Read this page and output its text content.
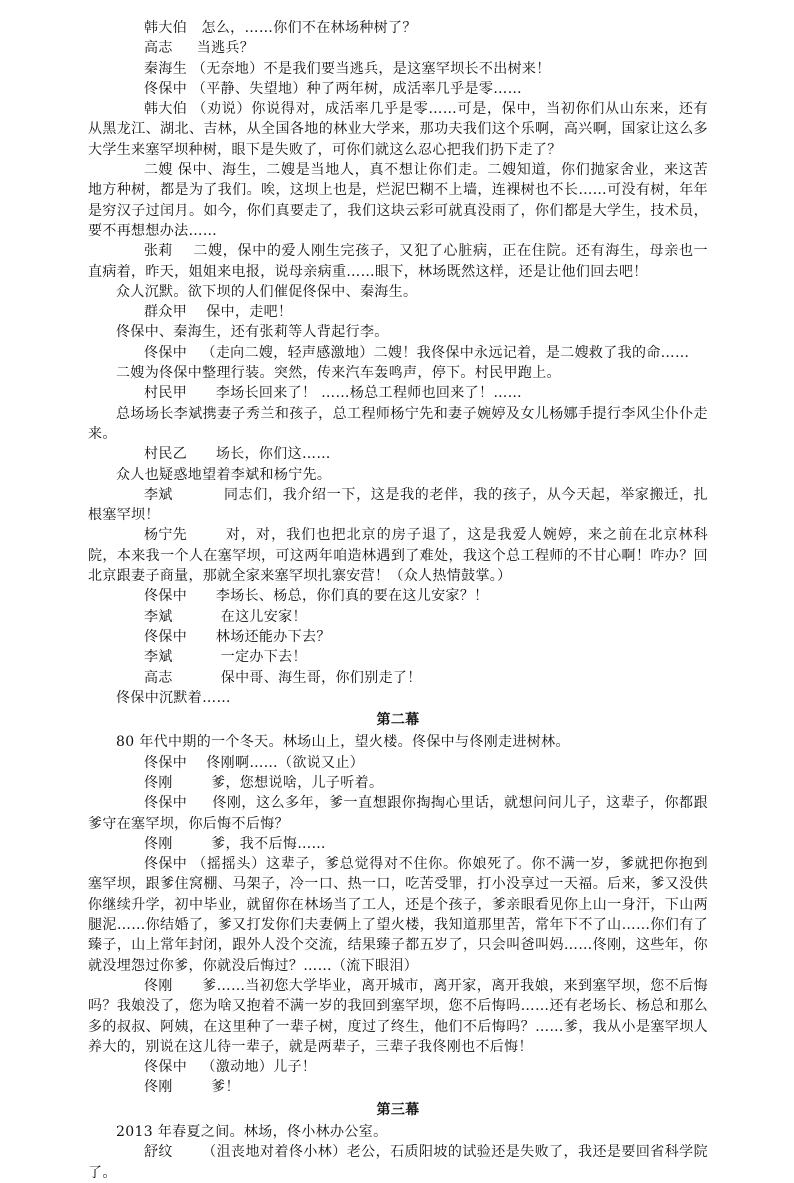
韩大伯 怎么，……你们不在林场种树了？
高志 当逃兵？
秦海生 （无奈地）不是我们要当逃兵，是这塞罕坝长不出树来！
佟保中 （平静、失望地）种了两年树，成活率几乎是零……
韩大伯 （劝说）你说得对，成活率几乎是零……可是，保中，当初你们从山东来，还有从黑龙江、湖北、吉林，从全国各地的林业大学来，那功夫我们这个乐啊，高兴啊，国家让这么多大学生来塞罕坝种树，眼下是失败了，可你们就这么忍心把我们扔下走了？
二嫂 保中、海生，二嫂是当地人，真不想让你们走。二嫂知道，你们抛家舍业，来这苦地方种树，都是为了我们。唉，这坝上也是，烂泥巴糊不上墙，连裸树也不长……可没有树，年年是穷汉子过闰月。如今，你们真要走了，我们这块云彩可就真没雨了，你们都是大学生，技术员，要不再想想办法……
张莉 二嫂，保中的爱人刚生完孩子，又犯了心脏病，正在住院。还有海生，母亲也一直病着，昨天，姐姐来电报，说母亲病重……眼下，林场既然这样，还是让他们回去吧！
众人沉默。欲下坝的人们催促佟保中、秦海生。
群众甲 保中，走吧！
佟保中、秦海生，还有张莉等人背起行李。
佟保中 （走向二嫂，轻声感激地）二嫂！我佟保中永远记着，是二嫂救了我的命……
二嫂为佟保中整理行装。突然，传来汽车轰鸣声，停下。村民甲跑上。
村民甲 李场长回来了！ ……杨总工程师也回来了！……
总场场长李斌携妻子秀兰和孩子，总工程师杨宁先和妻子婉婷及女儿杨娜手提行李风尘仆仆走来。
村民乙 场长，你们这……
众人也疑惑地望着李斌和杨宁先。
李斌	同志们，我介绍一下，这是我的老伴，我的孩子，从今天起，举家搬迁，扎根塞罕坝！
杨宁先	对，对，我们也把北京的房子退了，这是我爱人婉婷，来之前在北京林科院，本来我一个人在塞罕坝，可这两年咱造林遇到了难处，我这个总工程师的不甘心啊！咋办？回北京跟妻子商量，那就全家来塞罕坝扎寨安营！（众人热情鼓掌。）
佟保中 李场长、杨总，你们真的要在这儿安家？！
李斌	在这儿安家！
佟保中 林场还能办下去？
李斌	一定办下去！
高志	保中哥、海生哥，你们别走了！
佟保中沉默着……
第二幕
80 年代中期的一个冬天。林场山上，望火楼。佟保中与佟刚走进树林。
佟保中 佟刚啊……（欲说又止）
佟刚	爹，您想说啥，儿子听着。
佟保中 佟刚，这么多年，爹一直想跟你掏掏心里话，就想问问儿子，这辈子，你都跟爹守在塞罕坝，你后悔不后悔？
佟刚	爹，我不后悔……
佟保中 （摇摇头）这辈子，爹总觉得对不住你。你娘死了。你不满一岁，爹就把你抱到塞罕坝，跟爹住窝棚、马架子，冷一口、热一口，吃苦受罪，打小没享过一天福。后来，爹又没供你继续升学，初中毕业，就留你在林场当了工人，还是个孩子，爹亲眼看见你上山一身汗，下山两腿泥……你结婚了，爹又打发你们夫妻俩上了望火楼，我知道那里苦，常年下不了山……你们有了臻子，山上常年封闭，跟外人没个交流，结果臻子都五岁了，只会叫爸叫妈……佟刚，这些年，你就没埋怨过你爹，你就没后悔过？……（流下眼泪）
佟刚 爹……当初您大学毕业，离开城市，离开家，离开我娘，来到塞罕坝，您不后悔吗？我娘没了，您为啥又抱着不满一岁的我回到塞罕坝，您不后悔吗……还有老场长、杨总和那么多的叔叔、阿姨，在这里种了一辈子树，度过了终生，他们不后悔吗？……爹，我从小是塞罕坝人养大的，别说在这儿待一辈子，就是两辈子，三辈子我佟刚也不后悔！
佟保中 （激动地）儿子！
佟刚	爹！
第三幕
2013 年春夏之间。林场，佟小林办公室。
舒纹 （沮丧地对着佟小林）老公，石质阳坡的试验还是失败了，我还是要回省科学院了。
